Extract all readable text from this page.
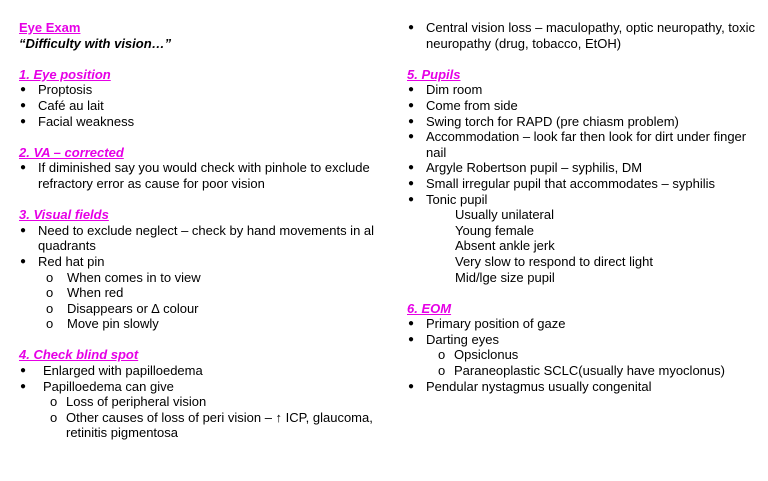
Eye Exam
“Difficulty with vision…”
1. Eye position
● Proptosis
● Café au lait
● Facial weakness
2. VA – corrected
● If diminished say you would check with pinhole to exclude refractory error as cause for poor vision
3. Visual fields
● Need to exclude neglect – check by hand movements in al quadrants
● Red hat pin
o When comes in to view
o When red
o Disappears or ∆ colour
o Move pin slowly
4. Check blind spot
● Enlarged with papilloedema
● Papilloedema can give
o Loss of peripheral vision
o Other causes of loss of peri vision – ↑ ICP, glaucoma, retinitis pigmentosa
● Central vision loss – maculopathy, optic neuropathy, toxic neuropathy (drug, tobacco, EtOH)
5. Pupils
● Dim room
● Come from side
● Swing torch for RAPD (pre chiasm problem)
● Accommodation – look far then look for dirt under finger nail
● Argyle Robertson pupil – syphilis, DM
● Small irregular pupil that accommodates – syphilis
● Tonic pupil
Usually unilateral
Young female
Absent ankle jerk
Very slow to respond to direct light
Mid/lge size pupil
6. EOM
● Primary position of gaze
● Darting eyes
o Opsiclonus
o Paraneoplastic SCLC(usually have myoclonus)
● Pendular nystagmus usually congenital
